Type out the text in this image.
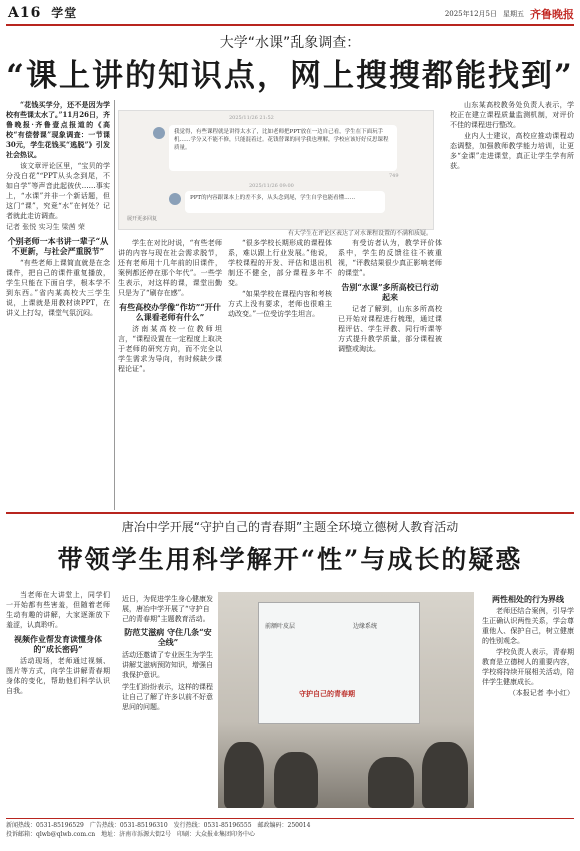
A16 学堂	2025年12月5日 星期五 齐鲁晚报
大学“水课”乱象调查：
“课上讲的知识点，网上搜搜都能找到”

“花钱买学分，还不是因为学校有些课太水了。”11月26日，齐鲁晚报·齐鲁壹点报道的《高校“有偿替课”现象调查：一节课30元，学生花钱买“逃脱”》引发社会热议。

该文章评论区里，“宝贝的学分没白花”“PPT从头念到尾，不如自学”等声音此起彼伏……事实上，“水课”并非一个新话题，但这门“课”，究竟“水”在何处？记者就此走访调查。

记者 张悦 实习生 梁茜 荣

个别老师一本书讲一辈子“从不更新，与社会严重脱节”

“有些老师上课简直就是在念课件，把自己的课件重复播放，学生只能在下面自学，根本学不到东西。”省内某高校大三学生说，上课就是用教材读PPT，在讲义上打勾，课堂气氛沉闷。

2025/11/26 21:52
我觉得，有些课程就是讲得太水了，比如老师把PPT放在一边自己看，学生在下面玩手机……学分又不能不修，只能混着过。花钱替课的同学我也理解，学校应该好好反思课程质量。
749
2025/11/26 09:00
PPT的内容跟课本上的差不多，从头念到尾，学生自学也能看懂……
展开更多回复
有大学生在评论区表达了对水课程设置的不满和质疑。

学生在对比时说，“有些老师讲的内容与现在社会需求脱节，还有老师用十几年前的旧课件，案例都还停在那个年代”。一些学生表示，对这样的课，课堂出勤只是为了“刷存在感”。

有些高校办学像“作坊”“开什么课看老师有什么”

济南某高校一位教师坦言，“课程设置在一定程度上取决于老师的研究方向，而不完全以学生需求为导向，有时候缺少课程论证”。

“很多学校长期形成的课程体系，难以跟上行业发展。”他说，学校课程的开发、评估和退出机制还不健全，部分课程多年不变。

“如果学校在课程内容和考核方式上没有要求，老师也很难主动改变。”一位受访学生坦言。

有受访者认为，教学评价体系中，学生的反馈往往不被重视，“评教结果很少真正影响老师的课堂”。

告别“水课”多所高校已行动起来

记者了解到，山东多所高校已开始对课程进行梳理，通过课程评估、学生评教、同行听课等方式提升教学质量，部分课程被调整或淘汰。

山东某高校教务处负责人表示，学校正在建立课程质量监测机制，对评价不佳的课程进行整改。

业内人士建议，高校应推动课程动态调整，加强教师教学能力培训，让更多“金课”走进课堂，真正让学生学有所获。

唐冶中学开展“守护自己的青春期”主题全环境立德树人教育活动
带领学生用科学解开“性”与成长的疑惑

当老师在大讲堂上，同学们一开始都有些害羞，但随着老师生动有趣的讲解，大家逐渐放下羞涩，认真聆听。

视频作业帮发育读懂身体的“成长密码”

活动现场，老师通过视频、图片等方式，向学生讲解青春期身体的变化，帮助他们科学认识自我。

近日，为促进学生身心健康发展，唐冶中学开展了“守护自己的青春期”主题教育活动。

防范艾滋病 守住几条“安全线”

活动还邀请了专业医生为学生讲解艾滋病预防知识，增强自我保护意识。

学生们纷纷表示，这样的课程让自己了解了许多以前不好意思问的问题。

前额叶皮层	边缘系统
守护自己的青春期

两性相处的行为界线

老师还结合案例，引导学生正确认识两性关系，学会尊重他人、保护自己，树立健康的性别观念。

学校负责人表示，青春期教育是立德树人的重要内容，学校将持续开展相关活动，陪伴学生健康成长。

（本报记者 李小红）

新闻热线：0531-85196529　广告热线：0531-85196310　发行热线：0531-85196555　邮政编码：250014
投诉邮箱：qlwb@qlwb.com.cn　地址：济南市泺源大街2号　印刷：大众报业集团印务中心
